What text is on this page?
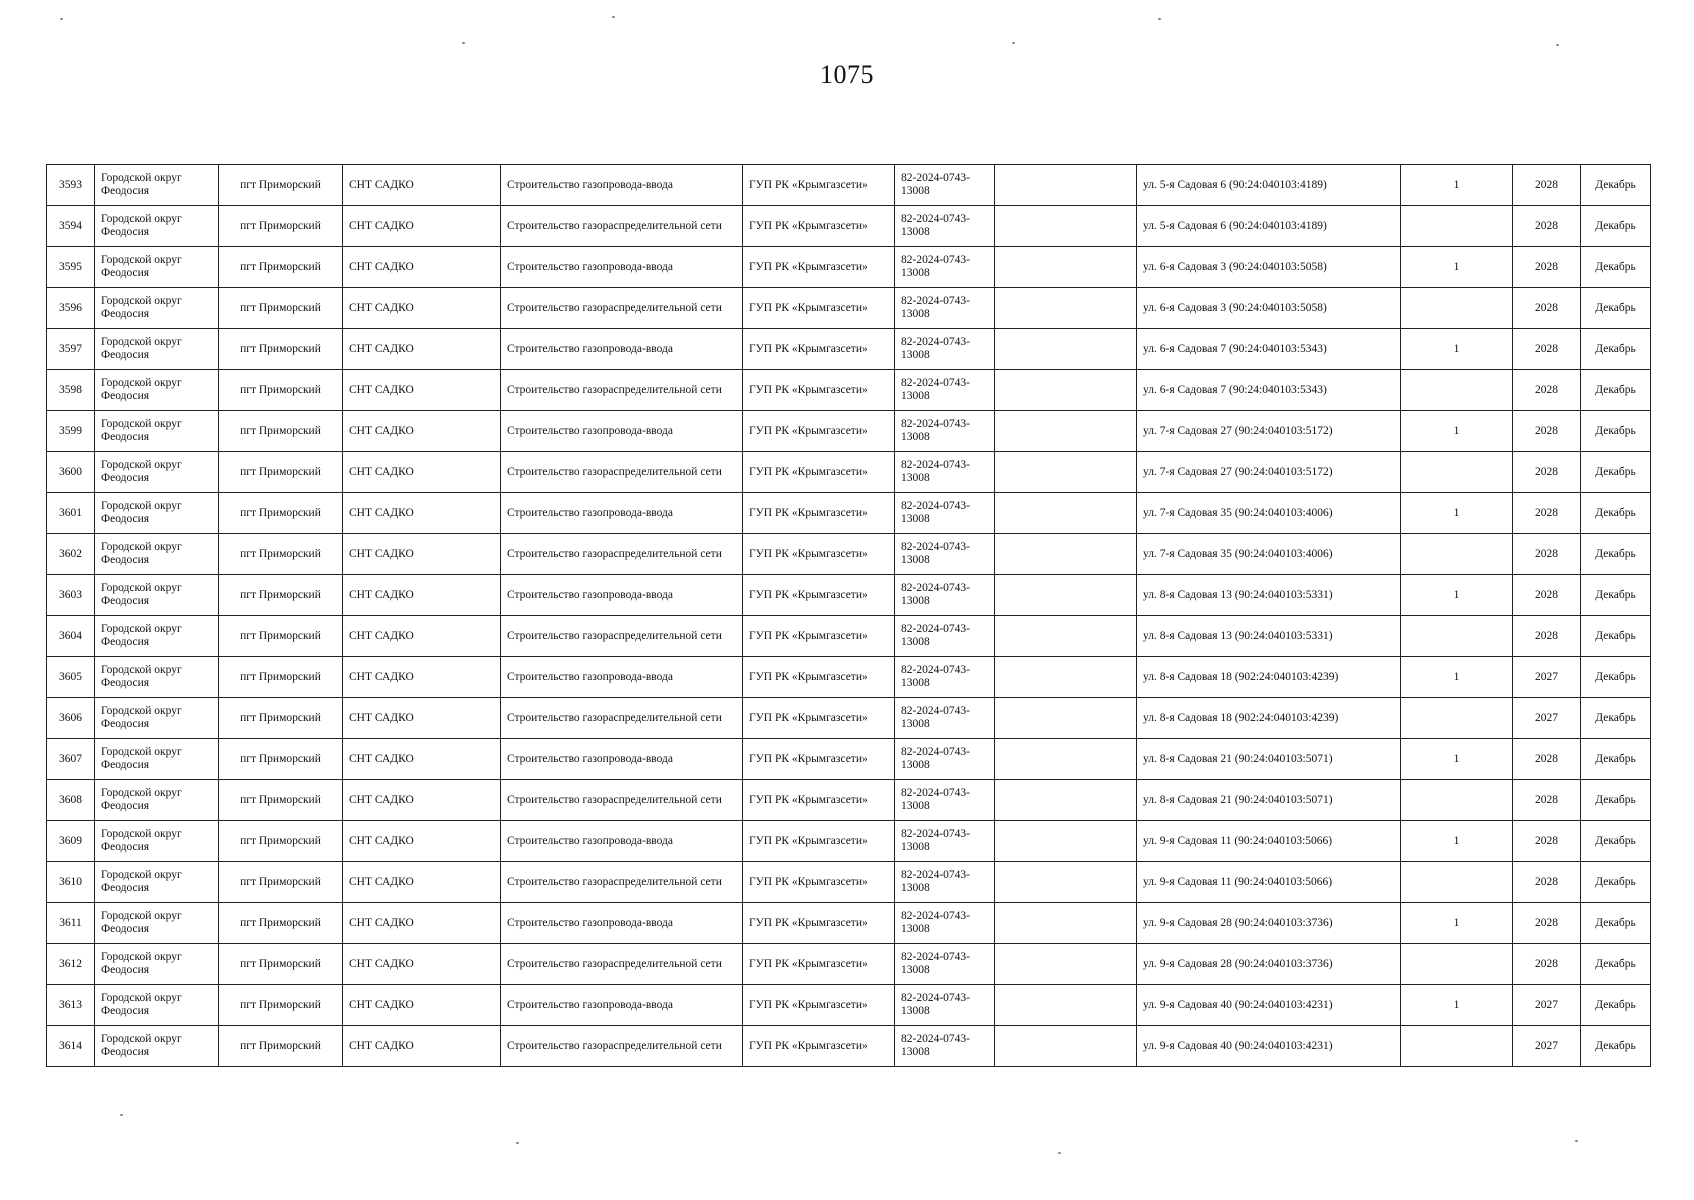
1075
3593	Городской округ Феодосия	пгт Приморский	СНТ САДКО	Строительство газопровода-ввода	ГУП РК «Крымгазсети»	82-2024-0743-13008		ул. 5-я Садовая 6 (90:24:040103:4189)	1	2028	Декабрь
3594	Городской округ Феодосия	пгт Приморский	СНТ САДКО	Строительство газораспределительной сети	ГУП РК «Крымгазсети»	82-2024-0743-13008		ул. 5-я Садовая 6 (90:24:040103:4189)		2028	Декабрь
3595	Городской округ Феодосия	пгт Приморский	СНТ САДКО	Строительство газопровода-ввода	ГУП РК «Крымгазсети»	82-2024-0743-13008		ул. 6-я Садовая 3 (90:24:040103:5058)	1	2028	Декабрь
3596	Городской округ Феодосия	пгт Приморский	СНТ САДКО	Строительство газораспределительной сети	ГУП РК «Крымгазсети»	82-2024-0743-13008		ул. 6-я Садовая 3 (90:24:040103:5058)		2028	Декабрь
3597	Городской округ Феодосия	пгт Приморский	СНТ САДКО	Строительство газопровода-ввода	ГУП РК «Крымгазсети»	82-2024-0743-13008		ул. 6-я Садовая 7 (90:24:040103:5343)	1	2028	Декабрь
3598	Городской округ Феодосия	пгт Приморский	СНТ САДКО	Строительство газораспределительной сети	ГУП РК «Крымгазсети»	82-2024-0743-13008		ул. 6-я Садовая 7 (90:24:040103:5343)		2028	Декабрь
3599	Городской округ Феодосия	пгт Приморский	СНТ САДКО	Строительство газопровода-ввода	ГУП РК «Крымгазсети»	82-2024-0743-13008		ул. 7-я Садовая 27 (90:24:040103:5172)	1	2028	Декабрь
3600	Городской округ Феодосия	пгт Приморский	СНТ САДКО	Строительство газораспределительной сети	ГУП РК «Крымгазсети»	82-2024-0743-13008		ул. 7-я Садовая 27 (90:24:040103:5172)		2028	Декабрь
3601	Городской округ Феодосия	пгт Приморский	СНТ САДКО	Строительство газопровода-ввода	ГУП РК «Крымгазсети»	82-2024-0743-13008		ул. 7-я Садовая 35 (90:24:040103:4006)	1	2028	Декабрь
3602	Городской округ Феодосия	пгт Приморский	СНТ САДКО	Строительство газораспределительной сети	ГУП РК «Крымгазсети»	82-2024-0743-13008		ул. 7-я Садовая 35 (90:24:040103:4006)		2028	Декабрь
3603	Городской округ Феодосия	пгт Приморский	СНТ САДКО	Строительство газопровода-ввода	ГУП РК «Крымгазсети»	82-2024-0743-13008		ул. 8-я Садовая 13 (90:24:040103:5331)	1	2028	Декабрь
3604	Городской округ Феодосия	пгт Приморский	СНТ САДКО	Строительство газораспределительной сети	ГУП РК «Крымгазсети»	82-2024-0743-13008		ул. 8-я Садовая 13 (90:24:040103:5331)		2028	Декабрь
3605	Городской округ Феодосия	пгт Приморский	СНТ САДКО	Строительство газопровода-ввода	ГУП РК «Крымгазсети»	82-2024-0743-13008		ул. 8-я Садовая 18 (902:24:040103:4239)	1	2027	Декабрь
3606	Городской округ Феодосия	пгт Приморский	СНТ САДКО	Строительство газораспределительной сети	ГУП РК «Крымгазсети»	82-2024-0743-13008		ул. 8-я Садовая 18 (902:24:040103:4239)		2027	Декабрь
3607	Городской округ Феодосия	пгт Приморский	СНТ САДКО	Строительство газопровода-ввода	ГУП РК «Крымгазсети»	82-2024-0743-13008		ул. 8-я Садовая 21 (90:24:040103:5071)	1	2028	Декабрь
3608	Городской округ Феодосия	пгт Приморский	СНТ САДКО	Строительство газораспределительной сети	ГУП РК «Крымгазсети»	82-2024-0743-13008		ул. 8-я Садовая 21 (90:24:040103:5071)		2028	Декабрь
3609	Городской округ Феодосия	пгт Приморский	СНТ САДКО	Строительство газопровода-ввода	ГУП РК «Крымгазсети»	82-2024-0743-13008		ул. 9-я Садовая 11 (90:24:040103:5066)	1	2028	Декабрь
3610	Городской округ Феодосия	пгт Приморский	СНТ САДКО	Строительство газораспределительной сети	ГУП РК «Крымгазсети»	82-2024-0743-13008		ул. 9-я Садовая 11 (90:24:040103:5066)		2028	Декабрь
3611	Городской округ Феодосия	пгт Приморский	СНТ САДКО	Строительство газопровода-ввода	ГУП РК «Крымгазсети»	82-2024-0743-13008		ул. 9-я Садовая 28 (90:24:040103:3736)	1	2028	Декабрь
3612	Городской округ Феодосия	пгт Приморский	СНТ САДКО	Строительство газораспределительной сети	ГУП РК «Крымгазсети»	82-2024-0743-13008		ул. 9-я Садовая 28 (90:24:040103:3736)		2028	Декабрь
3613	Городской округ Феодосия	пгт Приморский	СНТ САДКО	Строительство газопровода-ввода	ГУП РК «Крымгазсети»	82-2024-0743-13008		ул. 9-я Садовая 40 (90:24:040103:4231)	1	2027	Декабрь
3614	Городской округ Феодосия	пгт Приморский	СНТ САДКО	Строительство газораспределительной сети	ГУП РК «Крымгазсети»	82-2024-0743-13008		ул. 9-я Садовая 40 (90:24:040103:4231)		2027	Декабрь
